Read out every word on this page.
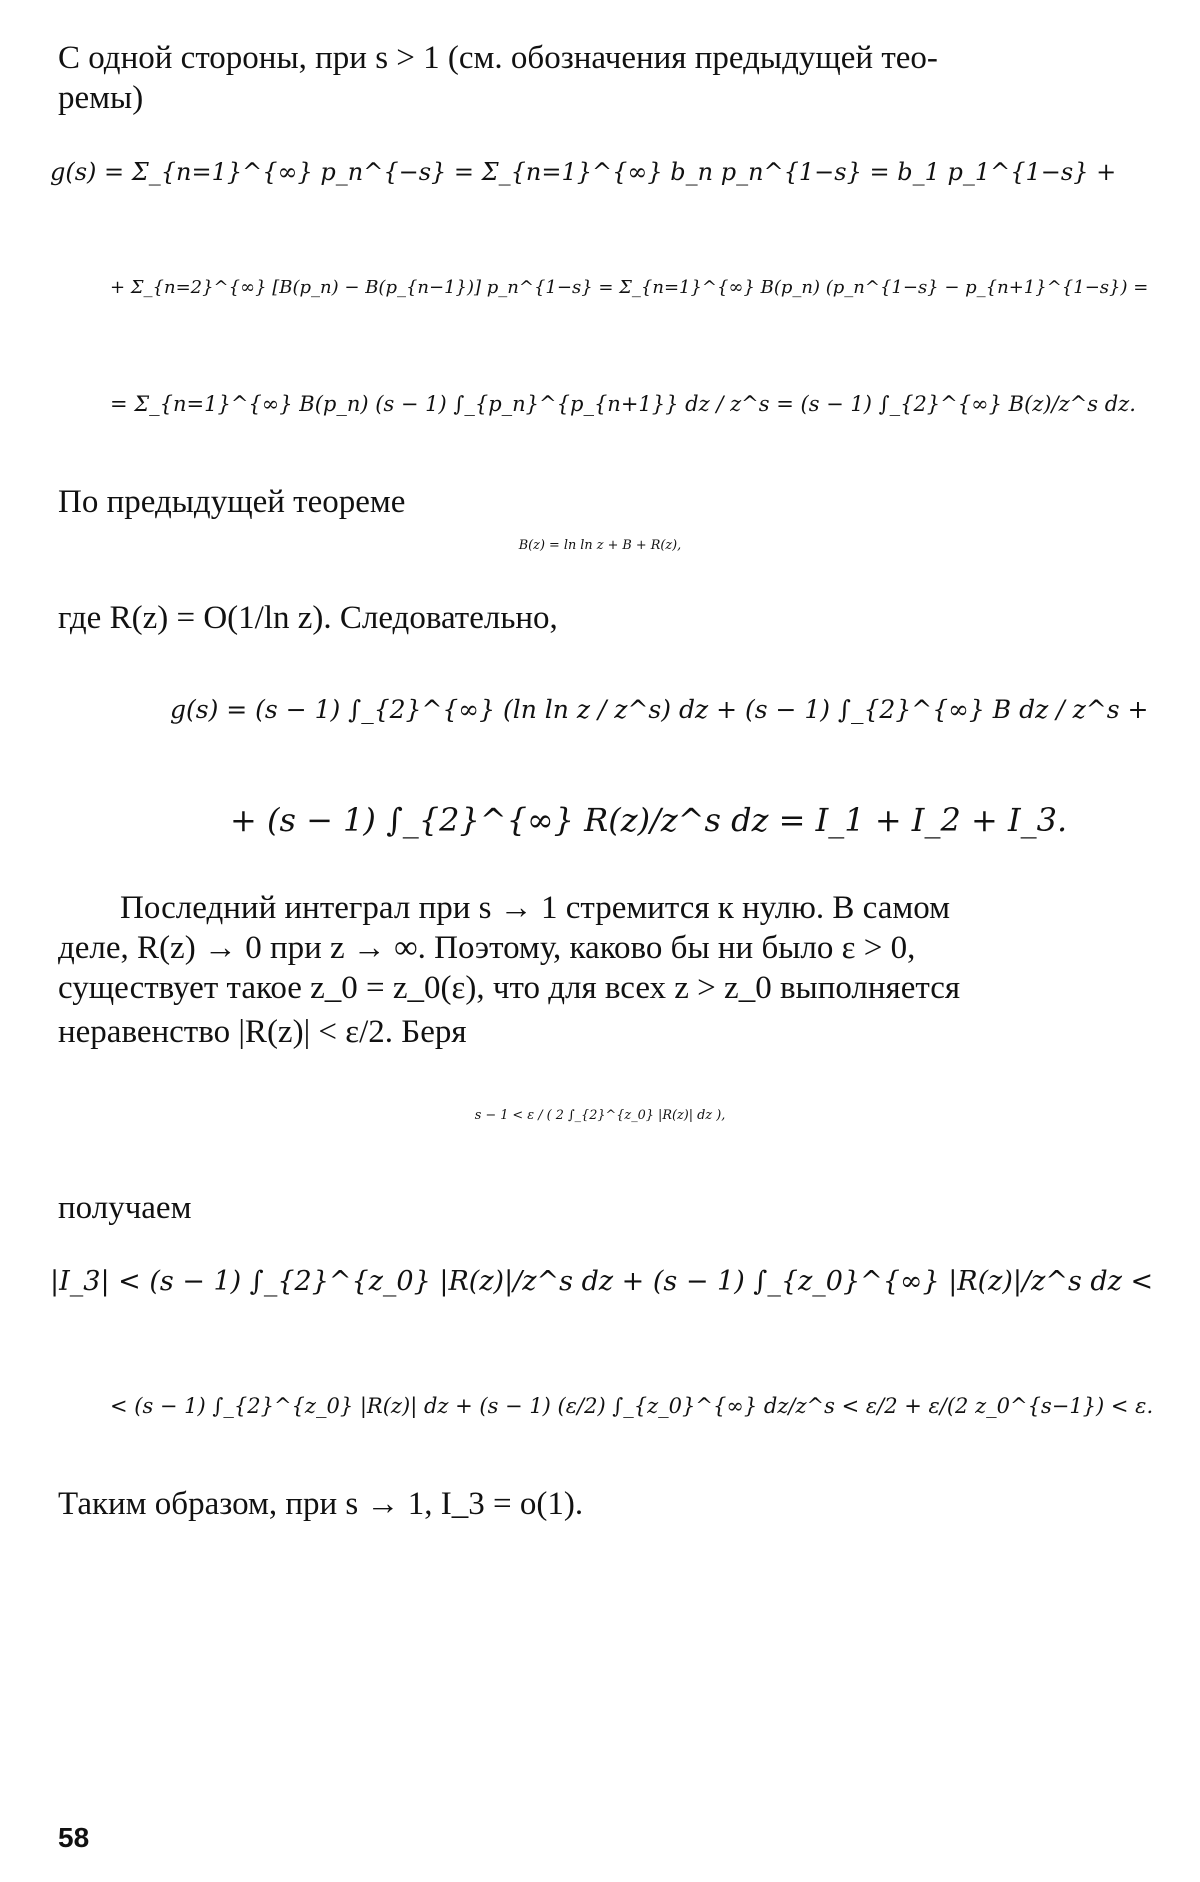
С одной стороны, при s > 1 (см. обозначения предыдущей тео-
ремы)
g(s) = Σ_{n=1}^{∞} p_n^{−s} = Σ_{n=1}^{∞} b_n p_n^{1−s} = b_1 p_1^{1−s} +
+ Σ_{n=2}^{∞} [B(p_n) − B(p_{n−1})] p_n^{1−s} = Σ_{n=1}^{∞} B(p_n) (p_n^{1−s} − p_{n+1}^{1−s}) =
= Σ_{n=1}^{∞} B(p_n) (s − 1) ∫_{p_n}^{p_{n+1}} dz / z^s = (s − 1) ∫_{2}^{∞} B(z)/z^s dz.
По предыдущей теореме
B(z) = ln ln z + B + R(z),
где R(z) = O(1/ln z). Следовательно,
g(s) = (s − 1) ∫_{2}^{∞} (ln ln z / z^s) dz + (s − 1) ∫_{2}^{∞} B dz / z^s +
+ (s − 1) ∫_{2}^{∞} R(z)/z^s dz = I_1 + I_2 + I_3.
Последний интеграл при s → 1 стремится к нулю. В самом
деле, R(z) → 0 при z → ∞. Поэтому, каково бы ни было ε > 0,
существует такое z_0 = z_0(ε), что для всех z > z_0 выполняется
неравенство |R(z)| < ε/2. Беря
s − 1 < ε / ( 2 ∫_{2}^{z_0} |R(z)| dz ),
получаем
|I_3| < (s − 1) ∫_{2}^{z_0} |R(z)|/z^s dz + (s − 1) ∫_{z_0}^{∞} |R(z)|/z^s dz <
< (s − 1) ∫_{2}^{z_0} |R(z)| dz + (s − 1) (ε/2) ∫_{z_0}^{∞} dz/z^s < ε/2 + ε/(2 z_0^{s−1}) < ε.
Таким образом, при s → 1, I_3 = o(1).
58
